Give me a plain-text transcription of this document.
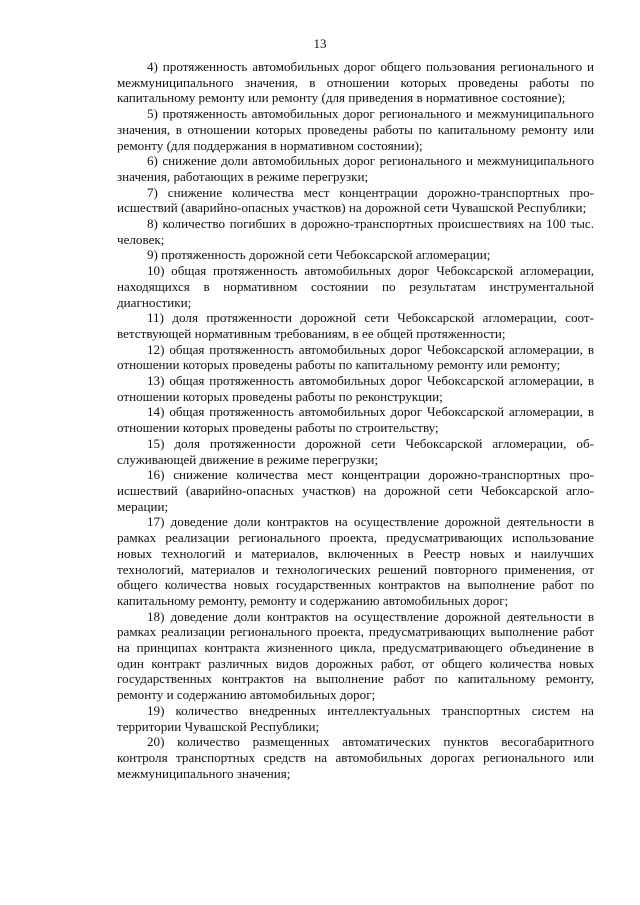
13

4) протяженность автомобильных дорог общего пользования регионального и межмуниципального значения, в отношении которых проведены работы по капитальному ремонту или ремонту (для приведения в нормативное состояние);

5) протяженность автомобильных дорог регионального и межмуниципального значения, в отношении которых проведены работы по капитальному ремонту или ремонту (для поддержания в нормативном состоянии);

6) снижение доли автомобильных дорог регионального и межмуниципального значения, работающих в режиме перегрузки;

7) снижение количества мест концентрации дорожно-транспортных происшествий (аварийно-опасных участков) на дорожной сети Чувашской Республики;

8) количество погибших в дорожно-транспортных происшествиях на 100 тыс. человек;

9) протяженность дорожной сети Чебоксарской агломерации;

10) общая протяженность автомобильных дорог Чебоксарской агломерации, находящихся в нормативном состоянии по результатам инструментальной диагностики;

11) доля протяженности дорожной сети Чебоксарской агломерации, соответствующей нормативным требованиям, в ее общей протяженности;

12) общая протяженность автомобильных дорог Чебоксарской агломерации, в отношении которых проведены работы по капитальному ремонту или ремонту;

13) общая протяженность автомобильных дорог Чебоксарской агломерации, в отношении которых проведены работы по реконструкции;

14) общая протяженность автомобильных дорог Чебоксарской агломерации, в отношении которых проведены работы по строительству;

15) доля протяженности дорожной сети Чебоксарской агломерации, обслуживающей движение в режиме перегрузки;

16) снижение количества мест концентрации дорожно-транспортных происшествий (аварийно-опасных участков) на дорожной сети Чебоксарской агломерации;

17) доведение доли контрактов на осуществление дорожной деятельности в рамках реализации регионального проекта, предусматривающих использование новых технологий и материалов, включенных в Реестр новых и наилучших технологий, материалов и технологических решений повторного применения, от общего количества новых государственных контрактов на выполнение работ по капитальному ремонту, ремонту и содержанию автомобильных дорог;

18) доведение доли контрактов на осуществление дорожной деятельности в рамках реализации регионального проекта, предусматривающих выполнение работ на принципах контракта жизненного цикла, предусматривающего объединение в один контракт различных видов дорожных работ, от общего количества новых государственных контрактов на выполнение работ по капитальному ремонту, ремонту и содержанию автомобильных дорог;

19) количество внедренных интеллектуальных транспортных систем на территории Чувашской Республики;

20) количество размещенных автоматических пунктов весогабаритного контроля транспортных средств на автомобильных дорогах регионального или межмуниципального значения;
